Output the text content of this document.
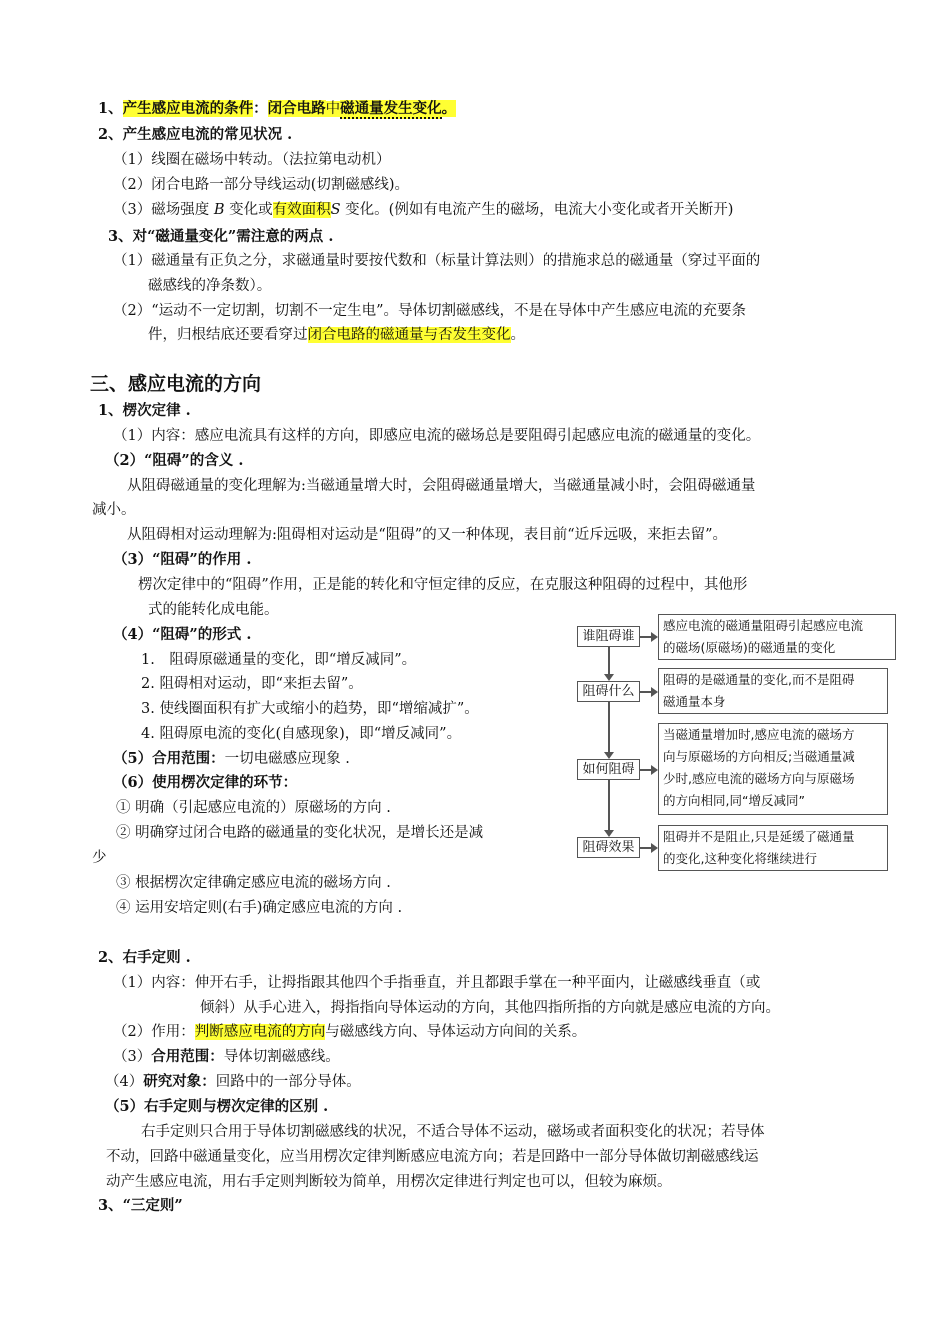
1、产生感应电流的条件：闭合电路中磁通量发生变化。
2、产生感应电流的常见状况 .
（1）线圈在磁场中转动。（法拉第电动机）
（2）闭合电路一部分导线运动(切割磁感线)。
（3）磁场强度 B 变化或有效面积S 变化。(例如有电流产生的磁场，电流大小变化或者开关断开)
3、对“磁通量变化”需注意的两点 .
（1）磁通量有正负之分，求磁通量时要按代数和（标量计算法则）的措施求总的磁通量（穿过平面的
磁感线的净条数）。
（2）“运动不一定切割，切割不一定生电”。导体切割磁感线，不是在导体中产生感应电流的充要条
件，归根结底还要看穿过闭合电路的磁通量与否发生变化。
三、感应电流的方向
1、楞次定律 .
（1）内容：感应电流具有这样的方向，即感应电流的磁场总是要阻碍引起感应电流的磁通量的变化。
（2）“阻碍”的含义 .
从阻碍磁通量的变化理解为:当磁通量增大时，会阻碍磁通量增大，当磁通量减小时，会阻碍磁通量
减小。
从阻碍相对运动理解为:阻碍相对运动是“阻碍”的又一种体现，表目前“近斥远吸，来拒去留”。
（3）“阻碍”的作用 .
楞次定律中的“阻碍”作用，正是能的转化和守恒定律的反应，在克服这种阻碍的过程中，其他形
式的能转化成电能。
（4）“阻碍”的形式 .
1.　阻碍原磁通量的变化，即“增反减同”。
2. 阻碍相对运动，即“来拒去留”。
3. 使线圈面积有扩大或缩小的趋势，即“增缩减扩”。
4. 阻碍原电流的变化(自感现象)，即“增反减同”。
（5）合用范围：一切电磁感应现象 .
（6）使用楞次定律的环节：
① 明确（引起感应电流的）原磁场的方向 .
② 明确穿过闭合电路的磁通量的变化状况，是增长还是减
少
③ 根据楞次定律确定感应电流的磁场方向 .
④ 运用安培定则(右手)确定感应电流的方向 .
谁阻碍谁
阻碍什么
如何阻碍
阻碍效果
感应电流的磁通量阻碍引起感应电流
的磁场(原磁场)的磁通量的变化
阻碍的是磁通量的变化,而不是阻碍
磁通量本身
当磁通量增加时,感应电流的磁场方
向与原磁场的方向相反;当磁通量减
少时,感应电流的磁场方向与原磁场
的方向相同,同“增反减同”
阻碍并不是阻止,只是延缓了磁通量
的变化,这种变化将继续进行
2、右手定则 .
（1）内容：伸开右手，让拇指跟其他四个手指垂直，并且都跟手掌在一种平面内，让磁感线垂直（或
倾斜）从手心进入，拇指指向导体运动的方向，其他四指所指的方向就是感应电流的方向。
（2）作用：判断感应电流的方向与磁感线方向、导体运动方向间的关系。
（3）合用范围：导体切割磁感线。
（4）研究对象：回路中的一部分导体。
（5）右手定则与楞次定律的区别 .
右手定则只合用于导体切割磁感线的状况，不适合导体不运动，磁场或者面积变化的状况；若导体
不动，回路中磁通量变化，应当用楞次定律判断感应电流方向；若是回路中一部分导体做切割磁感线运
动产生感应电流，用右手定则判断较为简单，用楞次定律进行判定也可以，但较为麻烦。
3、“三定则”
